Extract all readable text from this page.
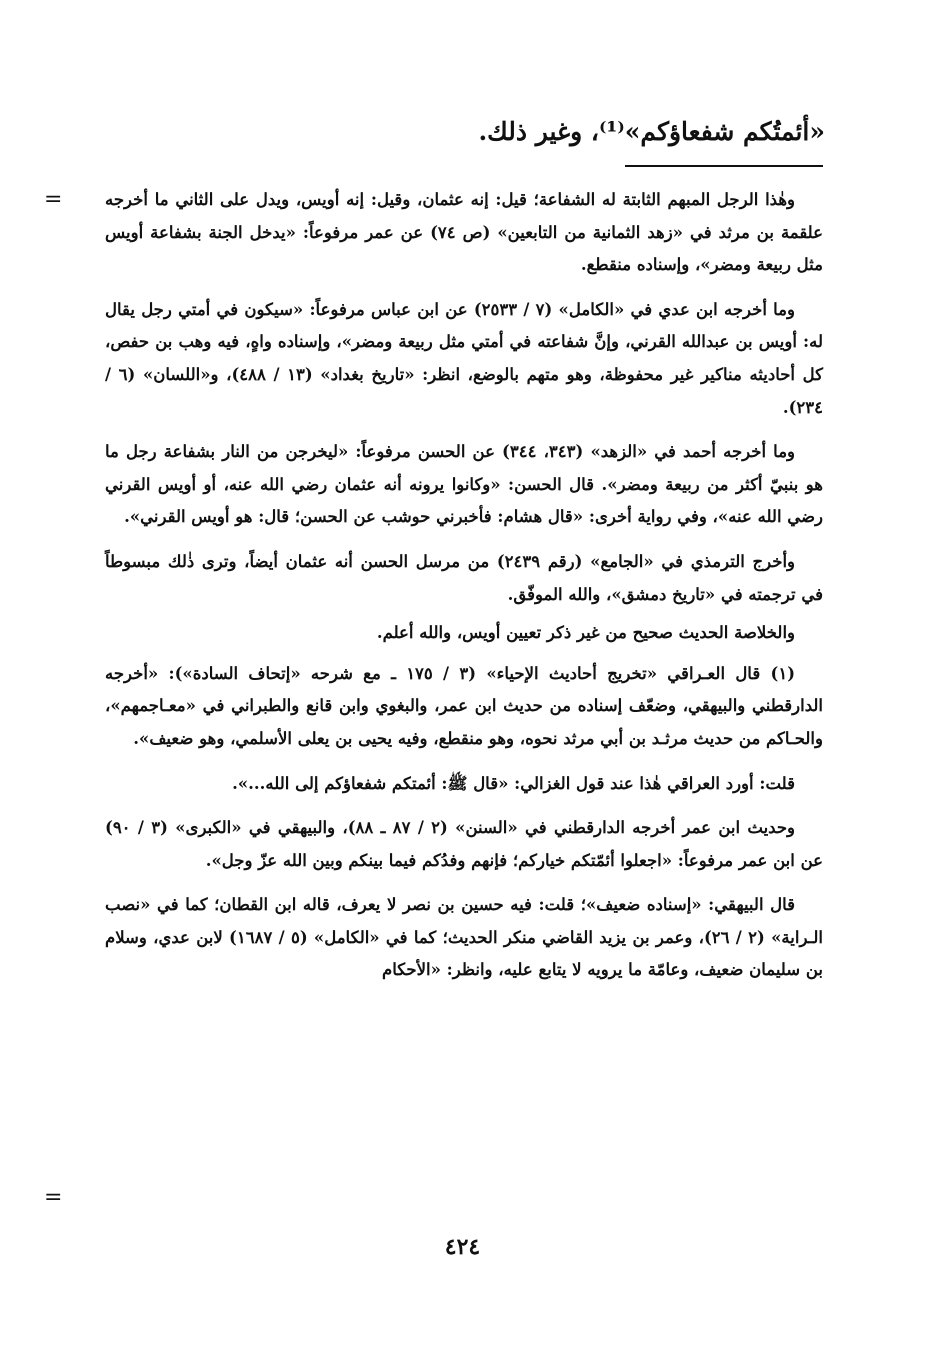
«أئمتُكم شفعاؤكم»⁽¹⁾، وغير ذلك.
=	وهٰذا الرجل المبهم الثابتة له الشفاعة؛ قيل: إنه عثمان، وقيل: إنه أويس، ويدل على الثاني ما أخرجه علقمة بن مرثد في «زهد الثمانية من التابعين» (ص ٧٤) عن عمر مرفوعاً: «يدخل الجنة بشفاعة أويس مثل ربيعة ومضر»، وإسناده منقطع.

وما أخرجه ابن عدي في «الكامل» (٧ / ٢٥٣٣) عن ابن عباس مرفوعاً: «سيكون في أمتي رجل يقال له: أويس بن عبدالله القرني، وإنَّ شفاعته في أمتي مثل ربيعة ومضر»، وإسناده واهٍ، فيه وهب بن حفص، كل أحاديثه مناكير غير محفوظة، وهو متهم بالوضع، انظر: «تاريخ بغداد» (١٣ / ٤٨٨)، و«اللسان» (٦ / ٢٣٤).

وما أخرجه أحمد في «الزهد» (٣٤٣، ٣٤٤) عن الحسن مرفوعاً: «ليخرجن من النار بشفاعة رجل ما هو بنبيّ أكثر من ربيعة ومضر». قال الحسن: «وكانوا يرونه أنه عثمان رضي الله عنه، أو أويس القرني رضي الله عنه»، وفي رواية أخرى: «قال هشام: فأخبرني حوشب عن الحسن؛ قال: هو أويس القرني».

وأخرج الترمذي في «الجامع» (رقم ٢٤٣٩) من مرسل الحسن أنه عثمان أيضاً، وترى ذٰلك مبسوطاً في ترجمته في «تاريخ دمشق»، والله الموفّق.

والخلاصة الحديث صحيح من غير ذكر تعيين أويس، والله أعلم.

(١) قال العـراقي «تخريج أحاديث الإحياء» (٣ / ١٧٥ ـ مع شرحه «إتحاف السادة»): «أخرجه الدارقطني والبيهقي، وضعّف إسناده من حديث ابن عمر، والبغوي وابن قانع والطبراني في «معـاجمهم»، والحـاكم من حديث مرثـد بن أبي مرثد نحوه، وهو منقطع، وفيه يحيى بن يعلى الأسلمي، وهو ضعيف».

قلت: أورد العراقي هٰذا عند قول الغزالي: «قال ﷺ: أئمتكم شفعاؤكم إلى الله...».

وحديث ابن عمر أخرجه الدارقطني في «السنن» (٢ / ٨٧ ـ ٨٨)، والبيهقي في «الكبرى» (٣ / ٩٠) عن ابن عمر مرفوعاً: «اجعلوا أئمّتكم خياركم؛ فإنهم وفدُكم فيما بينكم وبين الله عزّ وجل».

قال البيهقي: «إسناده ضعيف»؛ قلت: فيه حسين بن نصر لا يعرف، قاله ابن القطان؛ كما في «نصب الـراية» (٢ / ٢٦)، وعمر بن يزيد القاضي منكر الحديث؛ كما في «الكامل» (٥ / ١٦٨٧) لابن عدي، وسلام بن سليمان ضعيف، وعامّة ما يرويه لا يتابع عليه، وانظر: «الأحكام

=
٤٢٤
